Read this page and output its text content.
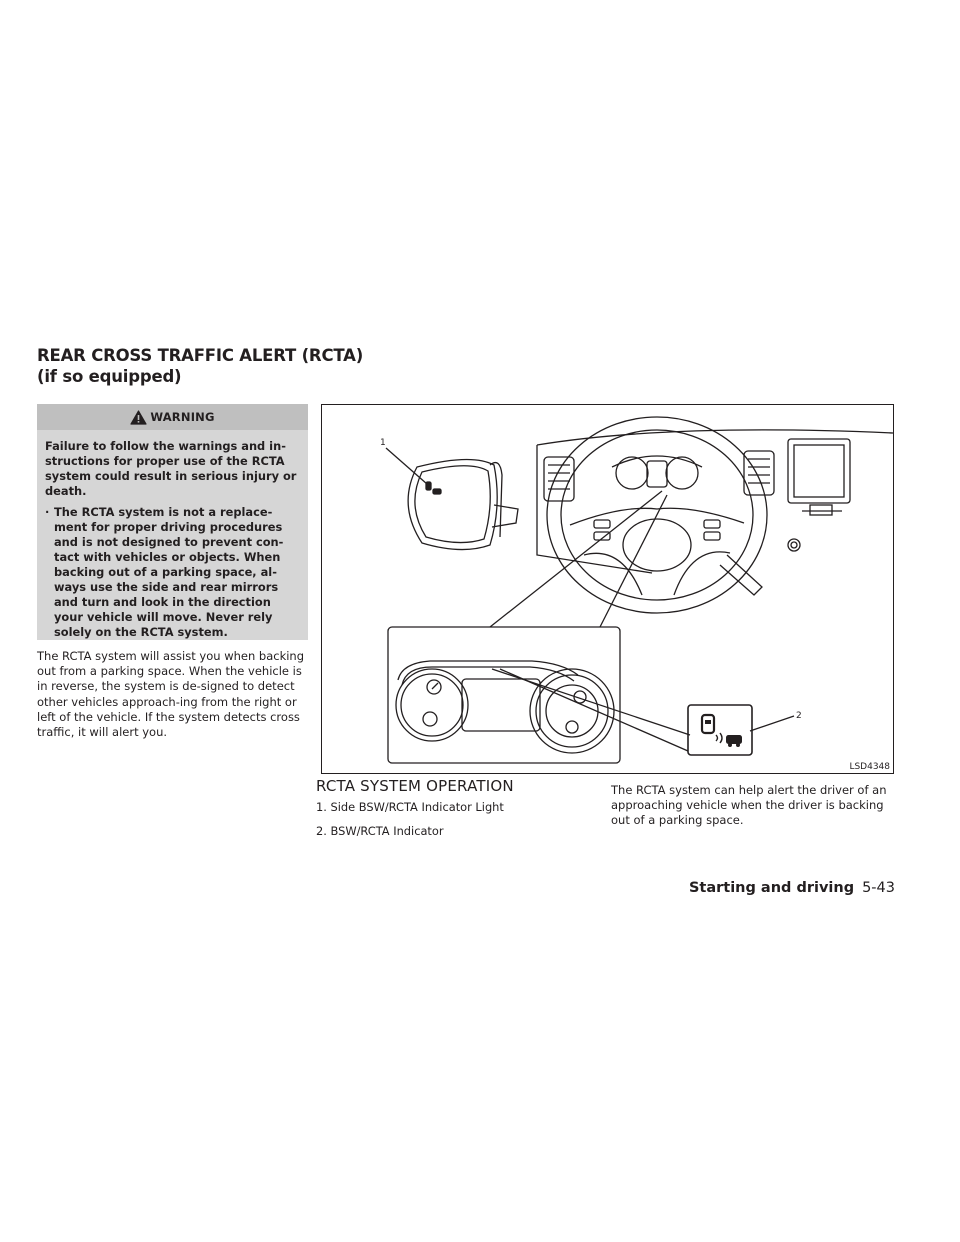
REAR CROSS TRAFFIC ALERT (RCTA)
(if so equipped)
WARNING

Failure to follow the warnings and in-structions for proper use of the RCTA system could result in serious injury or death.

· The RCTA system is not a replace-ment for proper driving procedures and is not designed to prevent con-tact with vehicles or objects. When backing out of a parking space, al-ways use the side and rear mirrors and turn and look in the direction your vehicle will move. Never rely solely on the RCTA system.

The RCTA system will assist you when backing out from a parking space. When the vehicle is in reverse, the system is de-signed to detect other vehicles approach-ing from the right or left of the vehicle. If the system detects cross traffic, it will alert you.

1
2
LSD4348
RCTA SYSTEM OPERATION
1. Side BSW/RCTA Indicator Light
2. BSW/RCTA Indicator

The RCTA system can help alert the driver of an approaching vehicle when the driver is backing out of a parking space.

Starting and driving 5-43
